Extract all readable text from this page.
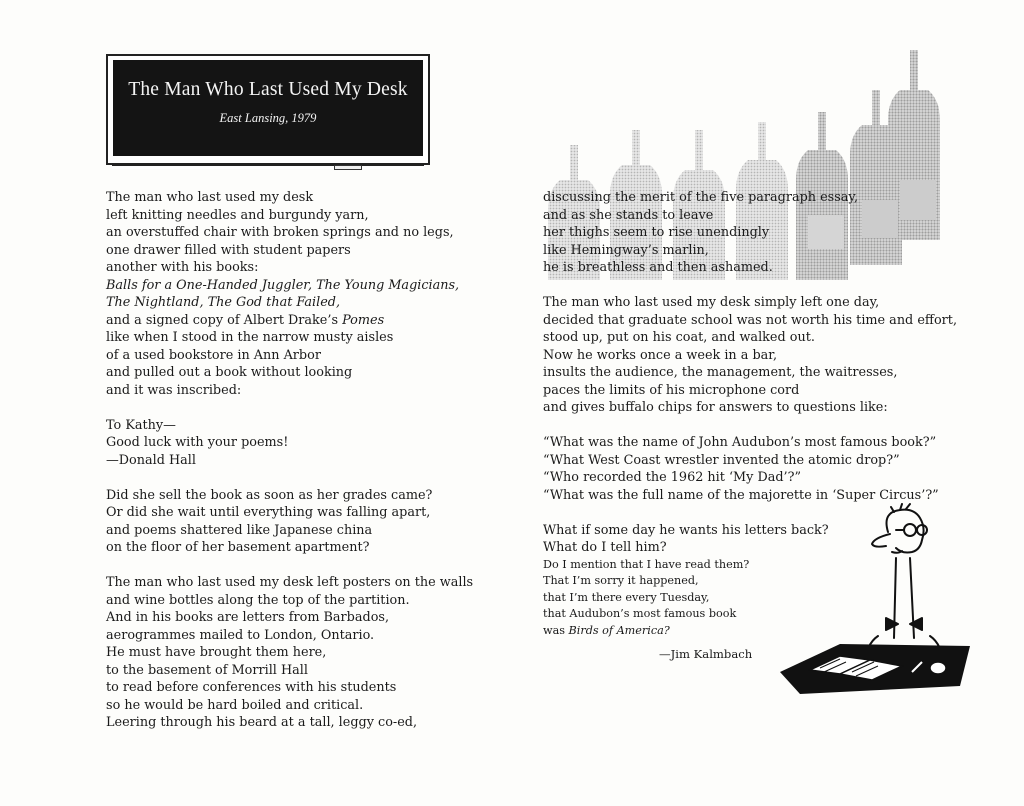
The Man Who Last Used My Desk
East Lansing, 1979
The man who last used my desk
left knitting needles and burgundy yarn,
an overstuffed chair with broken springs and no legs,
one drawer filled with student papers
another with his books:
Balls for a One-Handed Juggler, The Young Magicians,
The Nightland, The God that Failed,
and a signed copy of Albert Drake’s Pomes
like when I stood in the narrow musty aisles
of a used bookstore in Ann Arbor
and pulled out a book without looking
and it was inscribed:
To Kathy—
Good luck with your poems!
—Donald Hall
Did she sell the book as soon as her grades came?
Or did she wait until everything was falling apart,
and poems shattered like Japanese china
on the floor of her basement apartment?
The man who last used my desk left posters on the walls
and wine bottles along the top of the partition.
And in his books are letters from Barbados,
aerogrammes mailed to London, Ontario.
He must have brought them here,
to the basement of Morrill Hall
to read before conferences with his students
so he would be hard boiled and critical.
Leering through his beard at a tall, leggy co-ed,
discussing the merit of the five paragraph essay,
and as she stands to leave
her thighs seem to rise unendingly
like Hemingway’s marlin,
he is breathless and then ashamed.
The man who last used my desk simply left one day,
decided that graduate school was not worth his time and effort,
stood up, put on his coat, and walked out.
Now he works once a week in a bar,
insults the audience, the management, the waitresses,
paces the limits of his microphone cord
and gives buffalo chips for answers to questions like:
“What was the name of John Audubon’s most famous book?”
“What West Coast wrestler invented the atomic drop?”
“Who recorded the 1962 hit ‘My Dad’?”
“What was the full name of the majorette in ‘Super Circus’?”
What if some day he wants his letters back?
What do I tell him?
Do I mention that I have read them?
That I’m sorry it happened,
that I’m there every Tuesday,
that Audubon’s most famous book
was Birds of America?
—Jim Kalmbach
